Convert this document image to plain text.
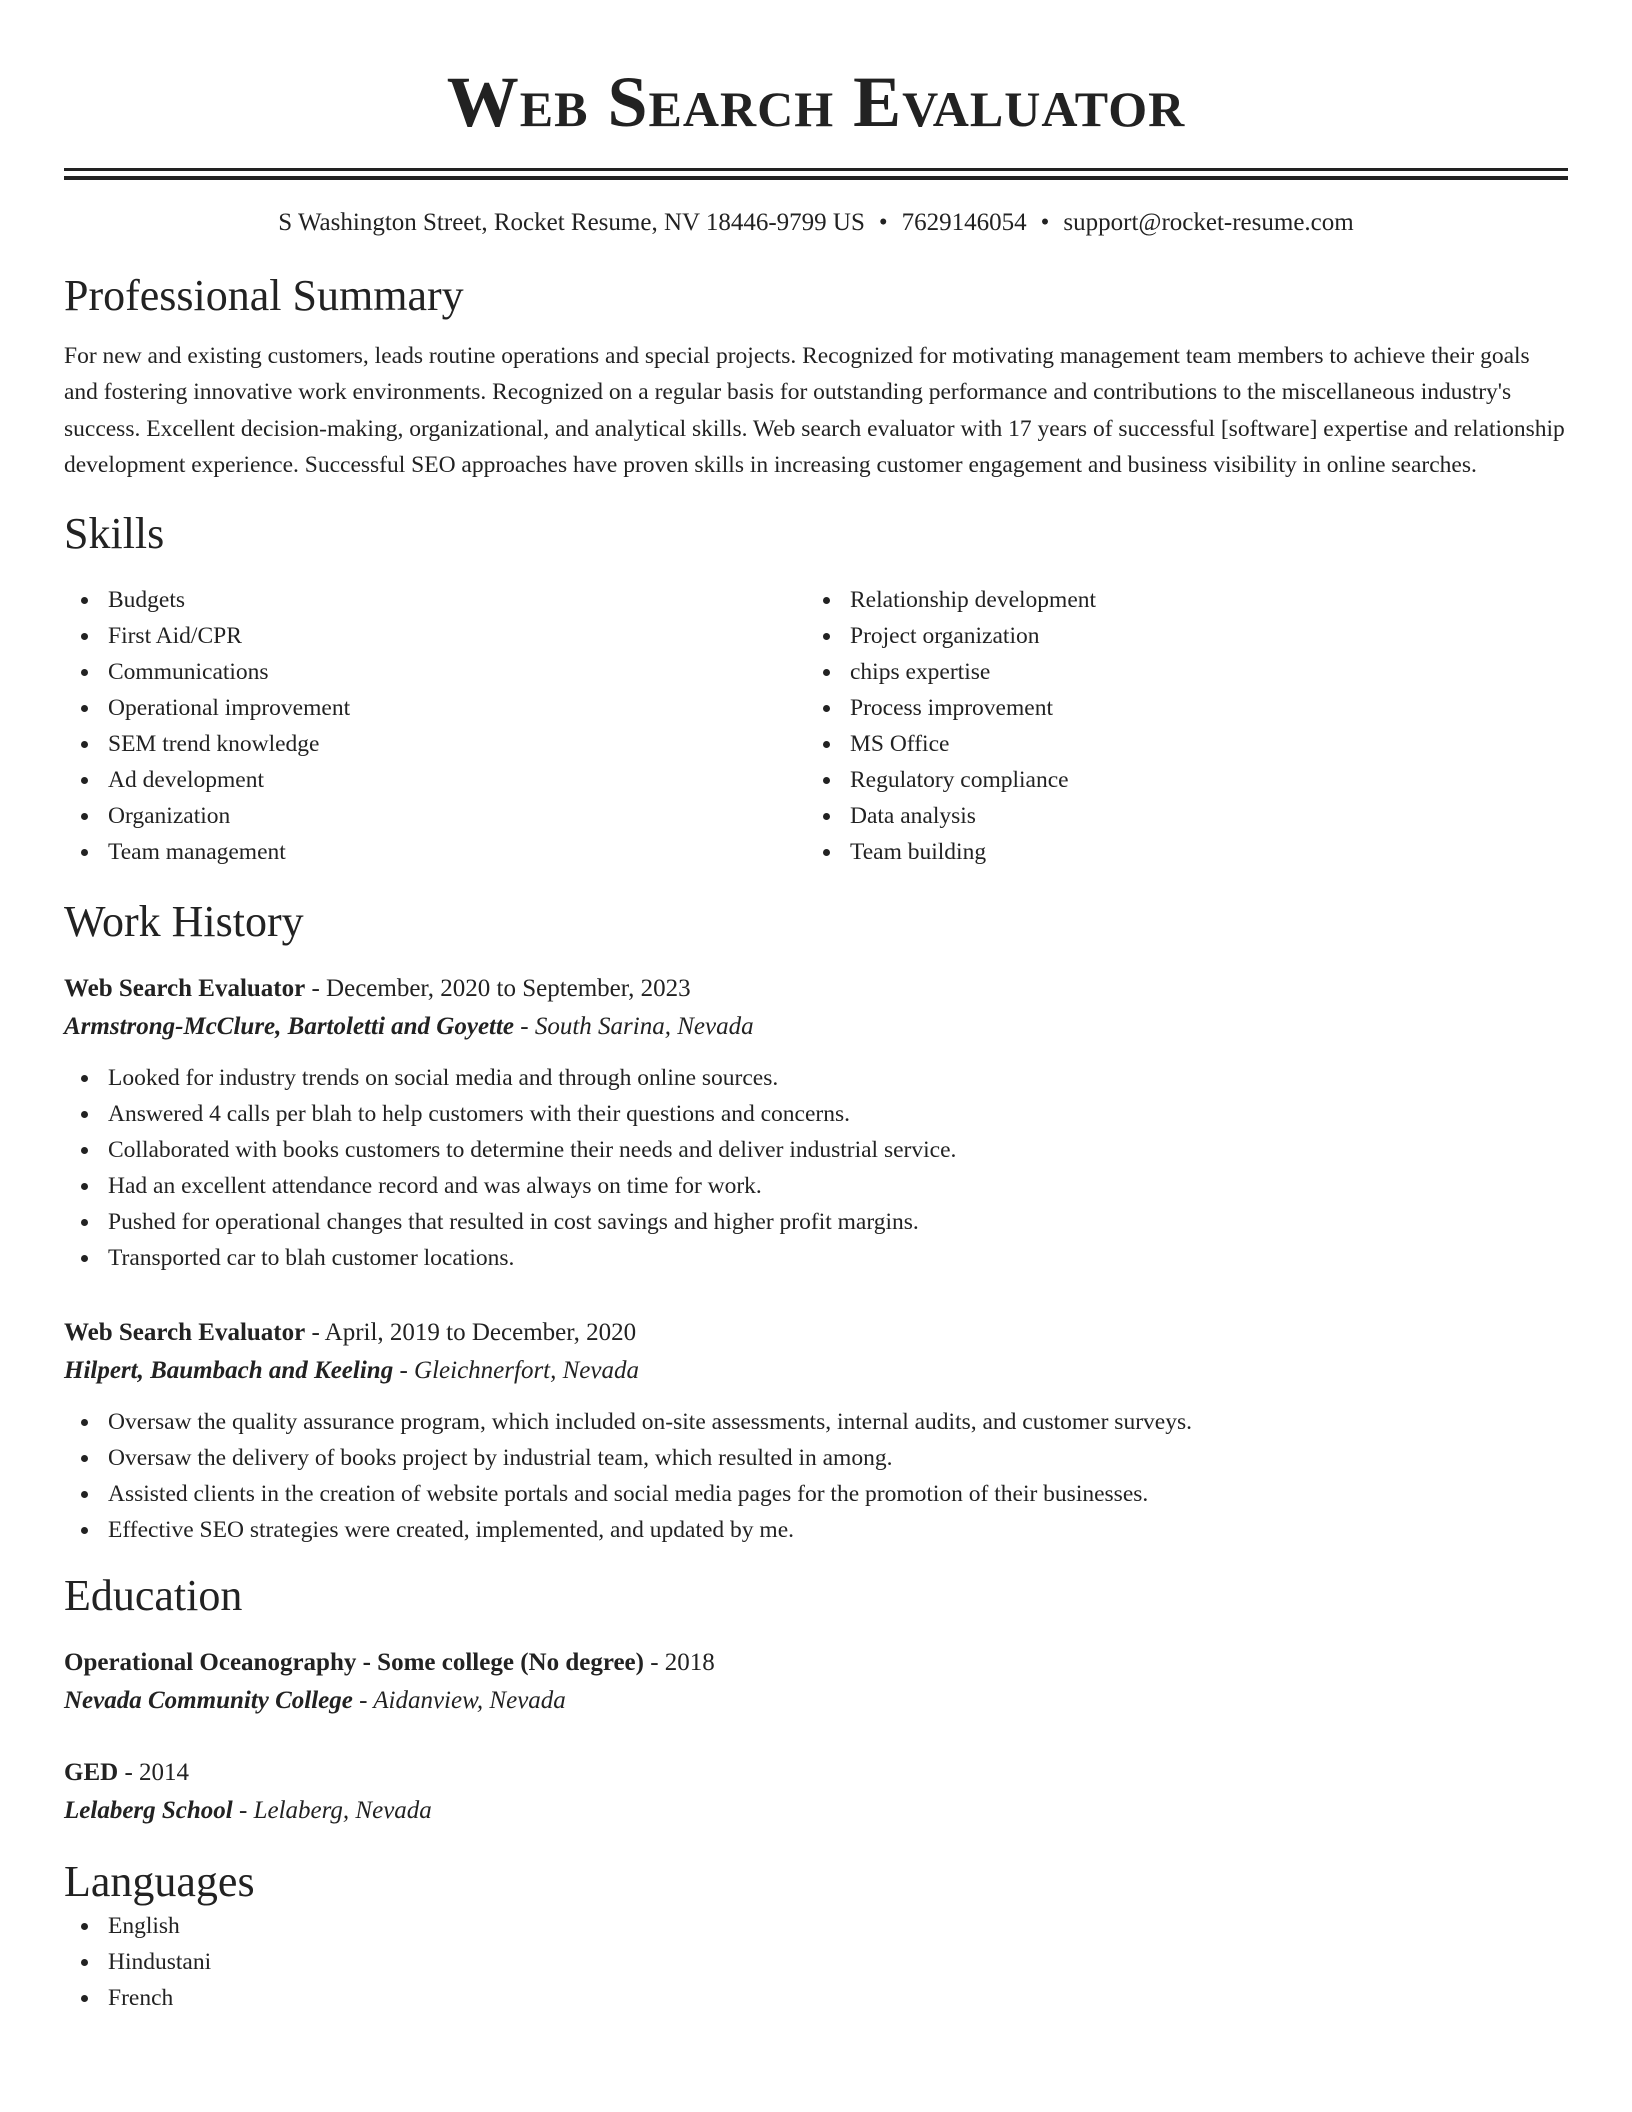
Web Search Evaluator
S Washington Street, Rocket Resume, NV 18446-9799 US • 7629146054 • support@rocket-resume.com
Professional Summary

For new and existing customers, leads routine operations and special projects. Recognized for motivating management team members to achieve their goals and fostering innovative work environments. Recognized on a regular basis for outstanding performance and contributions to the miscellaneous industry's success. Excellent decision-making, organizational, and analytical skills. Web search evaluator with 17 years of successful [software] expertise and relationship development experience. Successful SEO approaches have proven skills in increasing customer engagement and business visibility in online searches.

Skills
Budgets
First Aid/CPR
Communications
Operational improvement
SEM trend knowledge
Ad development
Organization
Team management
Relationship development
Project organization
chips expertise
Process improvement
MS Office
Regulatory compliance
Data analysis
Team building
Work History
Web Search Evaluator - December, 2020 to September, 2023
Armstrong-McClure, Bartoletti and Goyette - South Sarina, Nevada
Looked for industry trends on social media and through online sources.
Answered 4 calls per blah to help customers with their questions and concerns.
Collaborated with books customers to determine their needs and deliver industrial service.
Had an excellent attendance record and was always on time for work.
Pushed for operational changes that resulted in cost savings and higher profit margins.
Transported car to blah customer locations.
Web Search Evaluator - April, 2019 to December, 2020
Hilpert, Baumbach and Keeling - Gleichnerfort, Nevada
Oversaw the quality assurance program, which included on-site assessments, internal audits, and customer surveys.
Oversaw the delivery of books project by industrial team, which resulted in among.
Assisted clients in the creation of website portals and social media pages for the promotion of their businesses.
Effective SEO strategies were created, implemented, and updated by me.
Education
Operational Oceanography - Some college (No degree) - 2018
Nevada Community College - Aidanview, Nevada
GED - 2014
Lelaberg School - Lelaberg, Nevada
Languages
English
Hindustani
French
